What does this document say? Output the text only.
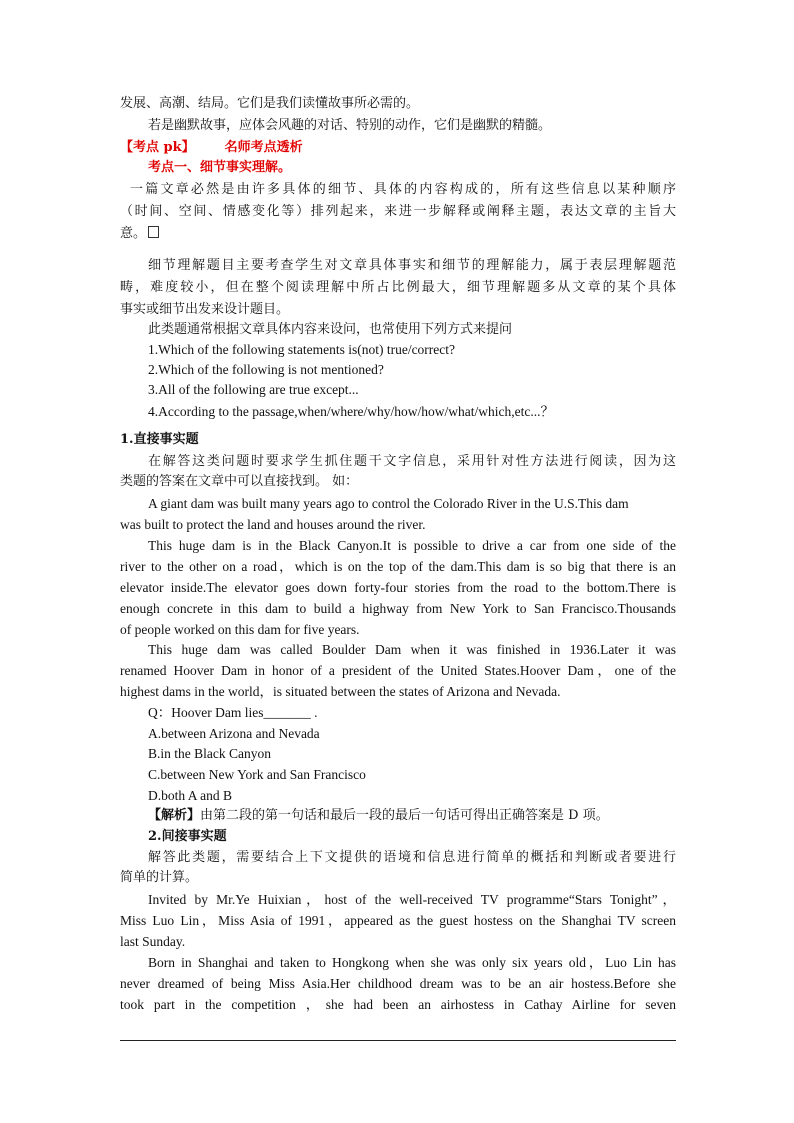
发展、高潮、结局。它们是我们读懂故事所必需的。
若是幽默故事，应体会风趣的对话、特别的动作，它们是幽默的精髓。
【考点 pk】 名师考点透析
考点一、细节事实理解。
一篇文章必然是由许多具体的细节、具体的内容构成的，所有这些信息以某种顺序
（时间、空间、情感变化等）排列起来，来进一步解释或阐释主题，表达文章的主旨大
意。
细节理解题目主要考查学生对文章具体事实和细节的理解能力，属于表层理解题范
畴，难度较小，但在整个阅读理解中所占比例最大，细节理解题多从文章的某个具体
事实或细节出发来设计题目。
此类题通常根据文章具体内容来设问，也常使用下列方式来提问
1.Which of the following statements is(not) true/correct?
2.Which of the following is not mentioned?
3.All of the following are true except...
4.According to the passage,when/where/why/how/how/what/which,etc...？
1.直接事实题
在解答这类问题时要求学生抓住题干文字信息，采用针对性方法进行阅读，因为这
类题的答案在文章中可以直接找到。 如：
A giant dam was built many years ago to control the Colorado River in the U.S.This dam
was built to protect the land and houses around the river.
This huge dam is in the Black Canyon.It is possible to drive a car from one side of the
river to the other on a road，which is on the top of the dam.This dam is so big that there is an
elevator inside.The elevator goes down forty-four stories from the road to the bottom.There is
enough concrete in this dam to build a highway from New York to San Francisco.Thousands
of people worked on this dam for five years.
This huge dam was called Boulder Dam when it was finished in 1936.Later it was
renamed Hoover Dam in honor of a president of the United States.Hoover Dam，one of the
highest dams in the world，is situated between the states of Arizona and Nevada.
Q：Hoover Dam lies_______ .
A.between Arizona and Nevada
B.in the Black Canyon
C.between New York and San Francisco
D.both A and B
【解析】由第二段的第一句话和最后一段的最后一句话可得出正确答案是 D 项。
2.间接事实题
解答此类题，需要结合上下文提供的语境和信息进行简单的概括和判断或者要进行
简单的计算。
Invited by Mr.Ye Huixian，host of the well-received TV programme“Stars Tonight”，
Miss Luo Lin，Miss Asia of 1991，appeared as the guest hostess on the Shanghai TV screen
last Sunday.
Born in Shanghai and taken to Hongkong when she was only six years old，Luo Lin has
never dreamed of being Miss Asia.Her childhood dream was to be an air hostess.Before she
took part in the competition ，she had been an airhostess in Cathay Airline for seven
